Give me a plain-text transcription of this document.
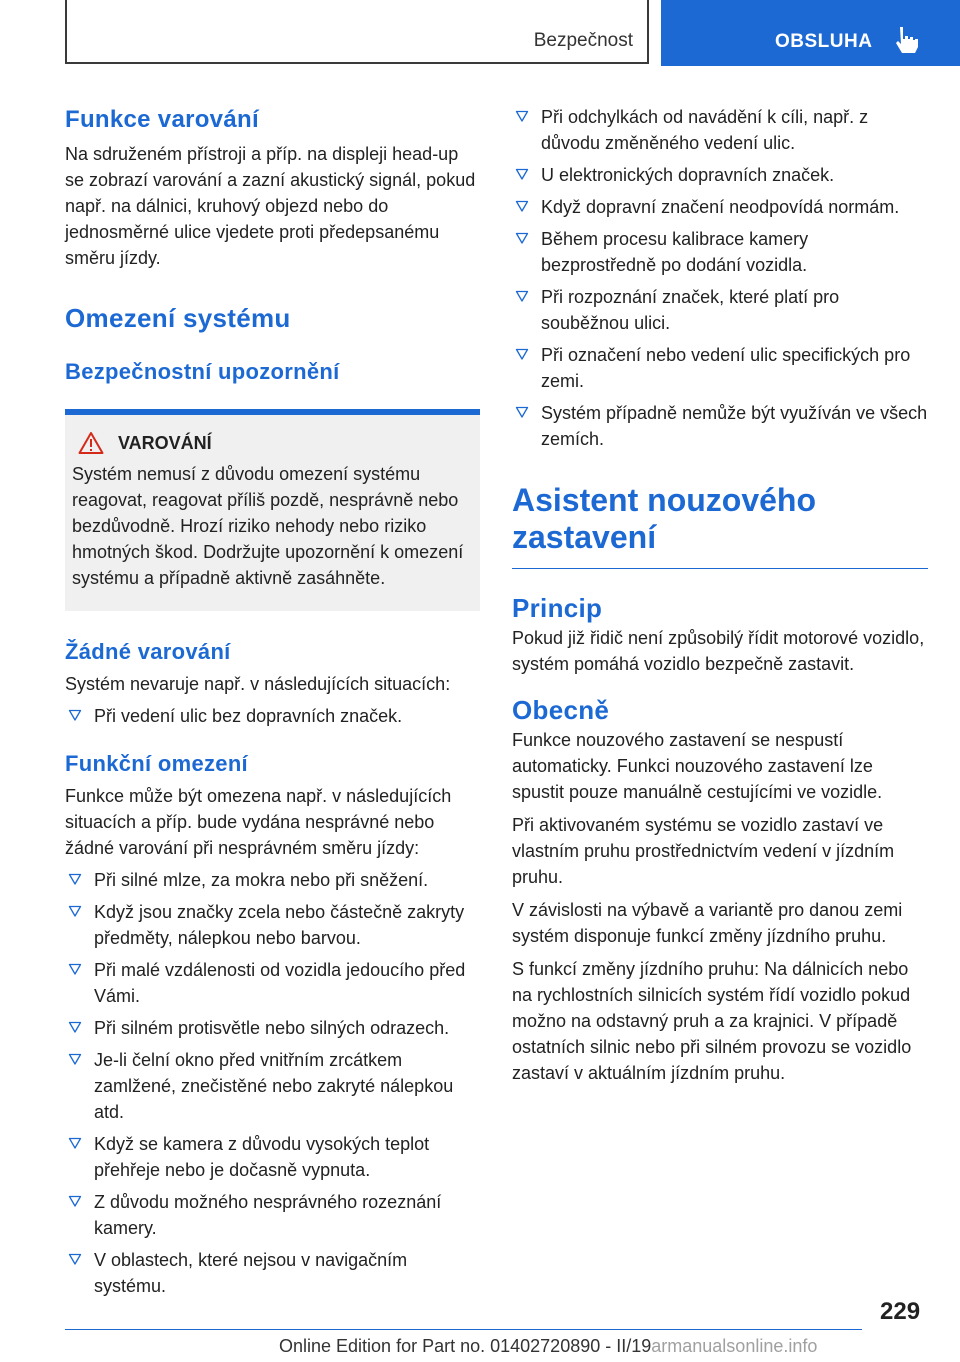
Bezpečnost	OBSLUHA
Funkce varování

Na sdruženém přístroji a příp. na displeji head-up se zobrazí varování a zazní akustický signál, pokud např. na dálnici, kruhový objezd nebo do jednosměrné ulice vjedete proti předepsanému směru jízdy.

Omezení systému
Bezpečnostní upozornění
VAROVÁNÍ

Systém nemusí z důvodu omezení systému reagovat, reagovat příliš pozdě, nesprávně nebo bezdůvodně. Hrozí riziko nehody nebo riziko hmotných škod. Dodržujte upozornění k omezení systému a případně aktivně zasáhněte.

Žádné varování

Systém nevaruje např. v následujících situacích:

Při vedení ulic bez dopravních značek.
Funkční omezení

Funkce může být omezena např. v následujících situacích a příp. bude vydána nesprávné nebo žádné varování při nesprávném směru jízdy:

Při silné mlze, za mokra nebo při sněžení.
Když jsou značky zcela nebo částečně zakryty předměty, nálepkou nebo barvou.
Při malé vzdálenosti od vozidla jedoucího před Vámi.
Při silném protisvětle nebo silných odrazech.
Je-li čelní okno před vnitřním zrcátkem zamlžené, znečistěné nebo zakryté nálepkou atd.
Když se kamera z důvodu vysokých teplot přehřeje nebo je dočasně vypnuta.
Z důvodu možného nesprávného rozeznání kamery.
V oblastech, které nejsou v navigačním systému.
Při odchylkách od navádění k cíli, např. z důvodu změněného vedení ulic.
U elektronických dopravních značek.
Když dopravní značení neodpovídá normám.
Během procesu kalibrace kamery bezprostředně po dodání vozidla.
Při rozpoznání značek, které platí pro souběžnou ulici.
Při označení nebo vedení ulic specifických pro zemi.
Systém případně nemůže být využíván ve všech zemích.
Asistent nouzového zastavení
Princip

Pokud již řidič není způsobilý řídit motorové vozidlo, systém pomáhá vozidlo bezpečně zastavit.

Obecně

Funkce nouzového zastavení se nespustí automaticky. Funkci nouzového zastavení lze spustit pouze manuálně cestujícími ve vozidle.

Při aktivovaném systému se vozidlo zastaví ve vlastním pruhu prostřednictvím vedení v jízdním pruhu.

V závislosti na výbavě a variantě pro danou zemi systém disponuje funkcí změny jízdního pruhu.

S funkcí změny jízdního pruhu: Na dálnicích nebo na rychlostních silnicích systém řídí vozidlo pokud možno na odstavný pruh a za krajnici. V případě ostatních silnic nebo při silném provozu se vozidlo zastaví v aktuálním jízdním pruhu.

229
Online Edition for Part no. 01402720890 - II/19armanualsonline.info
